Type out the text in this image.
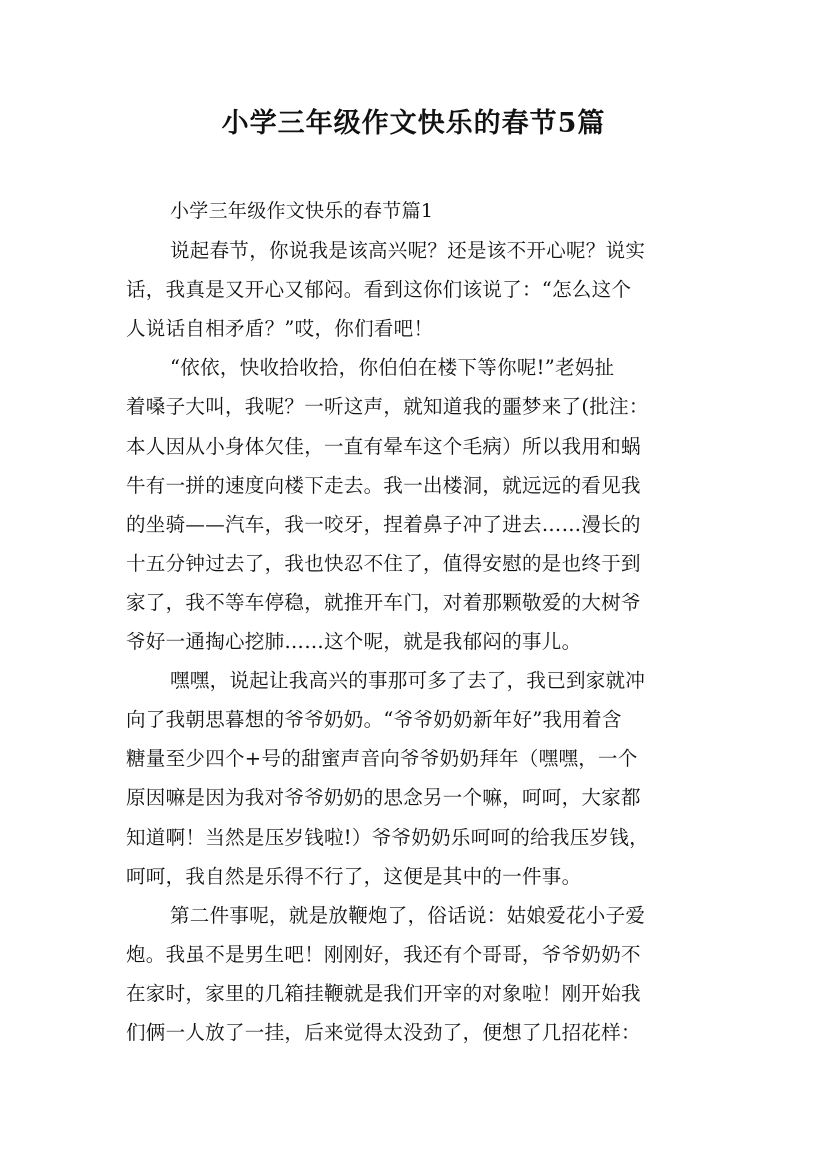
小学三年级作文快乐的春节5篇
小学三年级作文快乐的春节篇1
说起春节，你说我是该高兴呢？还是该不开心呢？说实
话，我真是又开心又郁闷。看到这你们该说了：“怎么这个
人说话自相矛盾？”哎，你们看吧！
“依依，快收拾收拾，你伯伯在楼下等你呢!”老妈扯
着嗓子大叫，我呢？一听这声，就知道我的噩梦来了(批注：
本人因从小身体欠佳，一直有晕车这个毛病）所以我用和蜗
牛有一拼的速度向楼下走去。我一出楼洞，就远远的看见我
的坐骑——汽车，我一咬牙，捏着鼻子冲了进去……漫长的
十五分钟过去了，我也快忍不住了，值得安慰的是也终于到
家了，我不等车停稳，就推开车门，对着那颗敬爱的大树爷
爷好一通掏心挖肺……这个呢，就是我郁闷的事儿。
嘿嘿，说起让我高兴的事那可多了去了，我已到家就冲
向了我朝思暮想的爷爷奶奶。“爷爷奶奶新年好”我用着含
糖量至少四个+号的甜蜜声音向爷爷奶奶拜年（嘿嘿，一个
原因嘛是因为我对爷爷奶奶的思念另一个嘛，呵呵，大家都
知道啊！当然是压岁钱啦!）爷爷奶奶乐呵呵的给我压岁钱，
呵呵，我自然是乐得不行了，这便是其中的一件事。
第二件事呢，就是放鞭炮了，俗话说：姑娘爱花小子爱
炮。我虽不是男生吧！刚刚好，我还有个哥哥，爷爷奶奶不
在家时，家里的几箱挂鞭就是我们开宰的对象啦！刚开始我
们俩一人放了一挂，后来觉得太没劲了，便想了几招花样：
